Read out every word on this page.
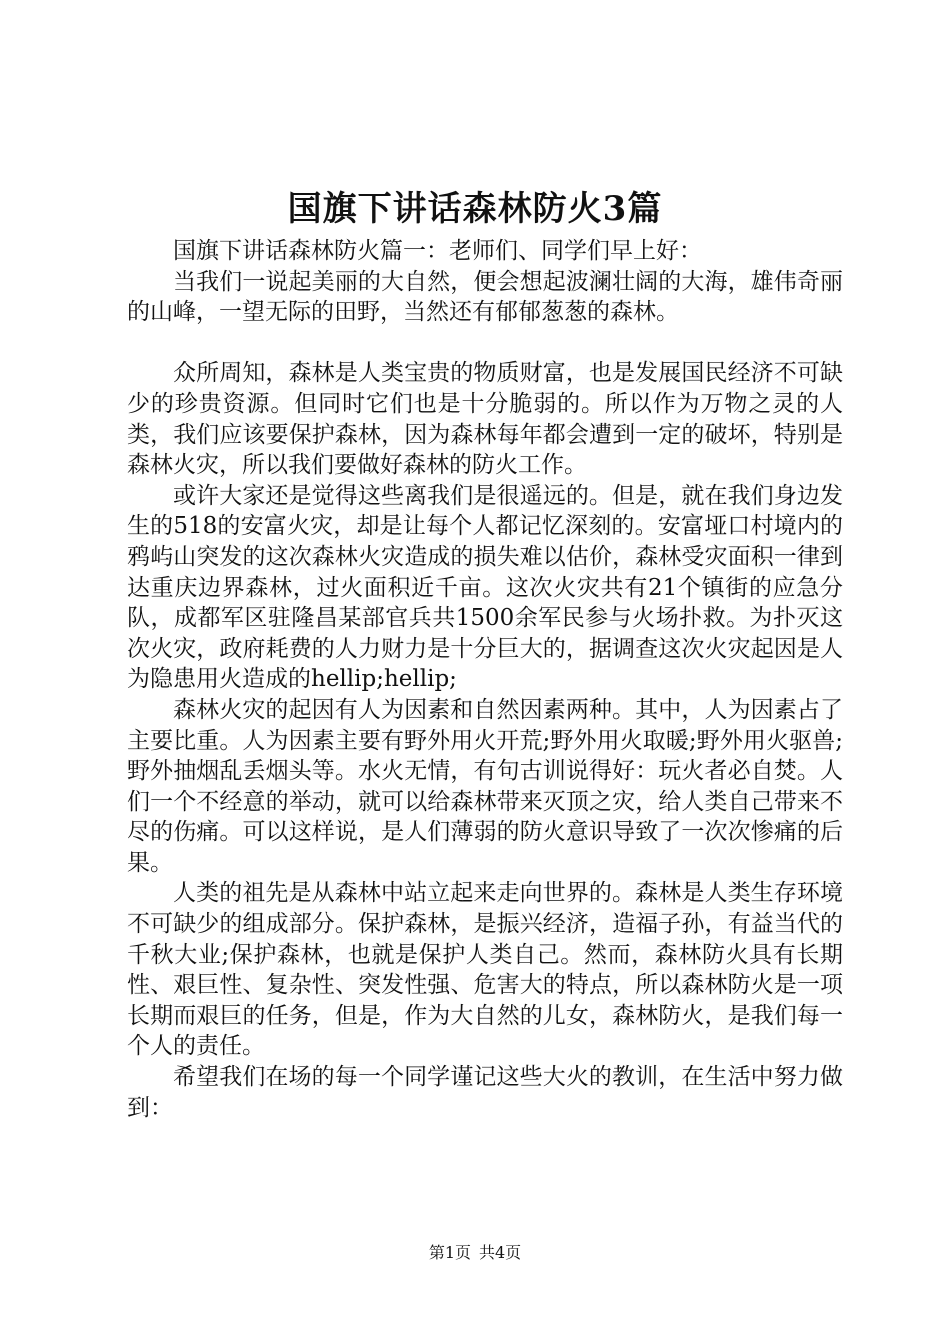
国旗下讲话森林防火3篇

国旗下讲话森林防火篇一：老师们、同学们早上好：

当我们一说起美丽的大自然，便会想起波澜壮阔的大海，雄伟奇丽的山峰，一望无际的田野，当然还有郁郁葱葱的森林。

众所周知，森林是人类宝贵的物质财富，也是发展国民经济不可缺少的珍贵资源。但同时它们也是十分脆弱的。所以作为万物之灵的人类，我们应该要保护森林，因为森林每年都会遭到一定的破坏，特别是森林火灾，所以我们要做好森林的防火工作。

或许大家还是觉得这些离我们是很遥远的。但是，就在我们身边发生的518的安富火灾，却是让每个人都记忆深刻的。安富垭口村境内的鸦屿山突发的这次森林火灾造成的损失难以估价，森林受灾面积一律到达重庆边界森林，过火面积近千亩。这次火灾共有21个镇街的应急分队，成都军区驻隆昌某部官兵共1500余军民参与火场扑救。为扑灭这次火灾，政府耗费的人力财力是十分巨大的，据调查这次火灾起因是人为隐患用火造成的hellip;hellip;

森林火灾的起因有人为因素和自然因素两种。其中，人为因素占了主要比重。人为因素主要有野外用火开荒;野外用火取暖;野外用火驱兽;野外抽烟乱丢烟头等。水火无情，有句古训说得好：玩火者必自焚。人们一个不经意的举动，就可以给森林带来灭顶之灾，给人类自己带来不尽的伤痛。可以这样说，是人们薄弱的防火意识导致了一次次惨痛的后果。

人类的祖先是从森林中站立起来走向世界的。森林是人类生存环境不可缺少的组成部分。保护森林，是振兴经济，造福子孙，有益当代的千秋大业;保护森林，也就是保护人类自己。然而，森林防火具有长期性、艰巨性、复杂性、突发性强、危害大的特点，所以森林防火是一项长期而艰巨的任务，但是，作为大自然的儿女，森林防火，是我们每一个人的责任。

希望我们在场的每一个同学谨记这些大火的教训，在生活中努力做到：

第1页 共4页
